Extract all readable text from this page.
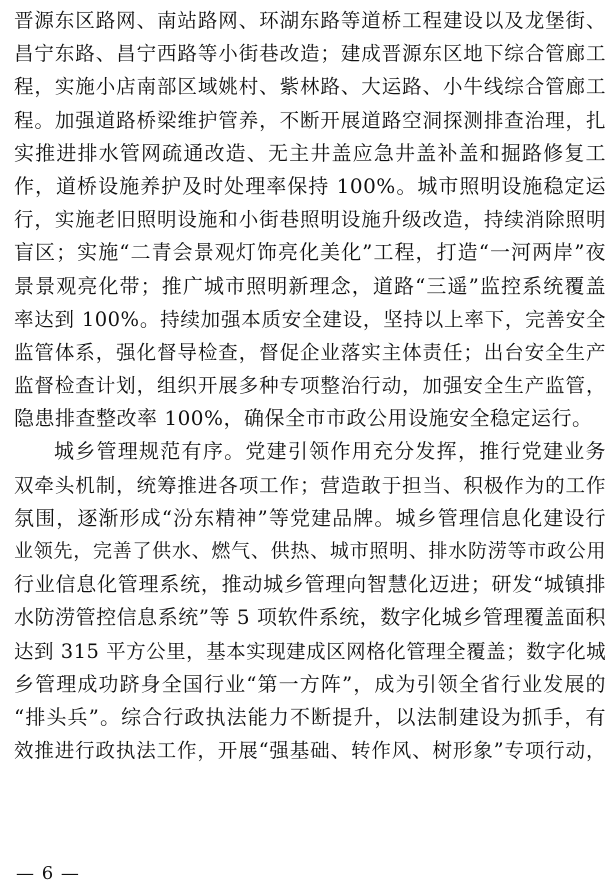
晋源东区路网、南站路网、环湖东路等道桥工程建设以及龙堡街、
昌宁东路、昌宁西路等小街巷改造；建成晋源东区地下综合管廊工
程，实施小店南部区域姚村、紫林路、大运路、小牛线综合管廊工
程。加强道路桥梁维护管养，不断开展道路空洞探测排查治理，扎
实推进排水管网疏通改造、无主井盖应急井盖补盖和掘路修复工
作，道桥设施养护及时处理率保持 100%。城市照明设施稳定运
行，实施老旧照明设施和小街巷照明设施升级改造，持续消除照明
盲区；实施“二青会景观灯饰亮化美化”工程，打造“一河两岸”夜
景景观亮化带；推广城市照明新理念，道路“三遥”监控系统覆盖
率达到 100%。持续加强本质安全建设，坚持以上率下，完善安全
监管体系，强化督导检查，督促企业落实主体责任；出台安全生产
监督检查计划，组织开展多种专项整治行动，加强安全生产监管，
隐患排查整改率 100%，确保全市市政公用设施安全稳定运行。
城乡管理规范有序。党建引领作用充分发挥，推行党建业务
双牵头机制，统筹推进各项工作；营造敢于担当、积极作为的工作
氛围，逐渐形成“汾东精神”等党建品牌。城乡管理信息化建设行
业领先，完善了供水、燃气、供热、城市照明、排水防涝等市政公用
行业信息化管理系统，推动城乡管理向智慧化迈进；研发“城镇排
水防涝管控信息系统”等 5 项软件系统，数字化城乡管理覆盖面积
达到 315 平方公里，基本实现建成区网格化管理全覆盖；数字化城
乡管理成功跻身全国行业“第一方阵”，成为引领全省行业发展的
“排头兵”。综合行政执法能力不断提升，以法制建设为抓手，有
效推进行政执法工作，开展“强基础、转作风、树形象”专项行动，
— 6 —
